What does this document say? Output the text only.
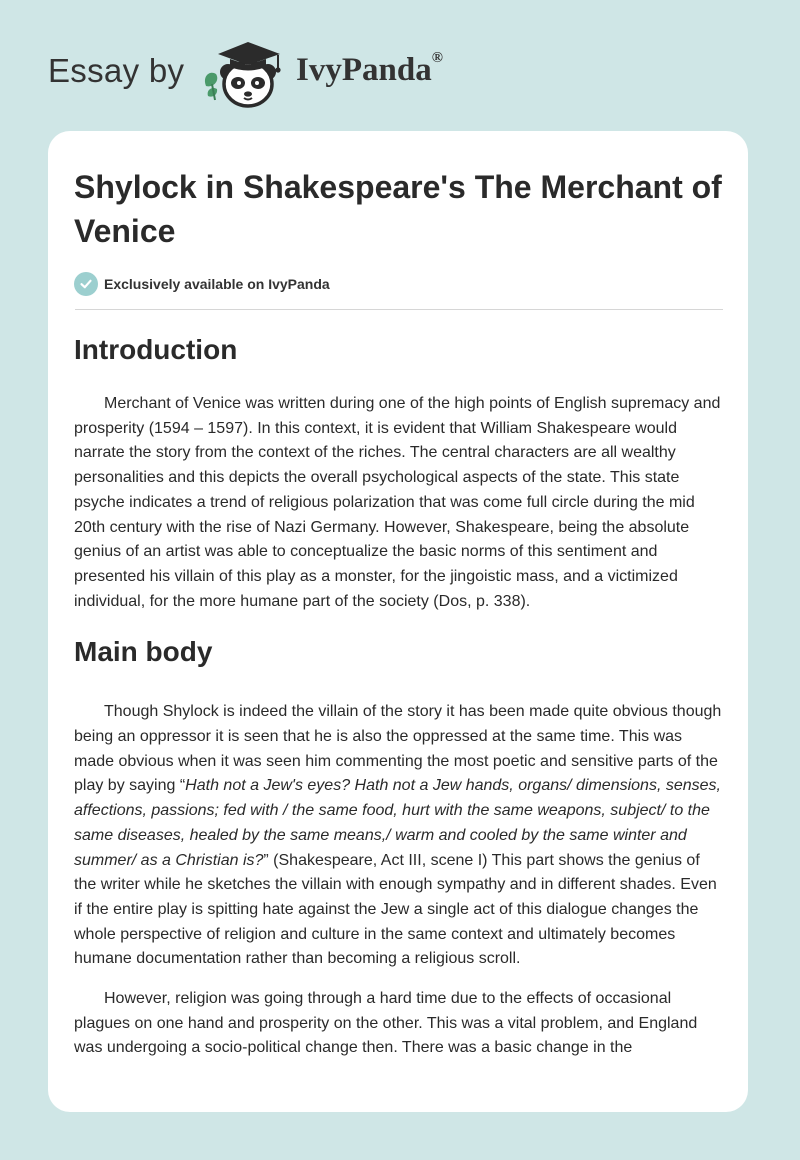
Essay by	IvyPanda®
Shylock in Shakespeare's The Merchant of Venice
Exclusively available on IvyPanda
Introduction

Merchant of Venice was written during one of the high points of English supremacy and prosperity (1594 – 1597). In this context, it is evident that William Shakespeare would narrate the story from the context of the riches. The central characters are all wealthy personalities and this depicts the overall psychological aspects of the state. This state psyche indicates a trend of religious polarization that was come full circle during the mid 20th century with the rise of Nazi Germany. However, Shakespeare, being the absolute genius of an artist was able to conceptualize the basic norms of this sentiment and presented his villain of this play as a monster, for the jingoistic mass, and a victimized individual, for the more humane part of the society (Dos, p. 338).

Main body

Though Shylock is indeed the villain of the story it has been made quite obvious though being an oppressor it is seen that he is also the oppressed at the same time. This was made obvious when it was seen him commenting the most poetic and sensitive parts of the play by saying “Hath not a Jew's eyes? Hath not a Jew hands, organs/ dimensions, senses, affections, passions; fed with / the same food, hurt with the same weapons, subject/ to the same diseases, healed by the same means,/ warm and cooled by the same winter and summer/ as a Christian is?” (Shakespeare, Act III, scene I) This part shows the genius of the writer while he sketches the villain with enough sympathy and in different shades. Even if the entire play is spitting hate against the Jew a single act of this dialogue changes the whole perspective of religion and culture in the same context and ultimately becomes humane documentation rather than becoming a religious scroll.

However, religion was going through a hard time due to the effects of occasional plagues on one hand and prosperity on the other. This was a vital problem, and England was undergoing a socio-political change then. There was a basic change in the
